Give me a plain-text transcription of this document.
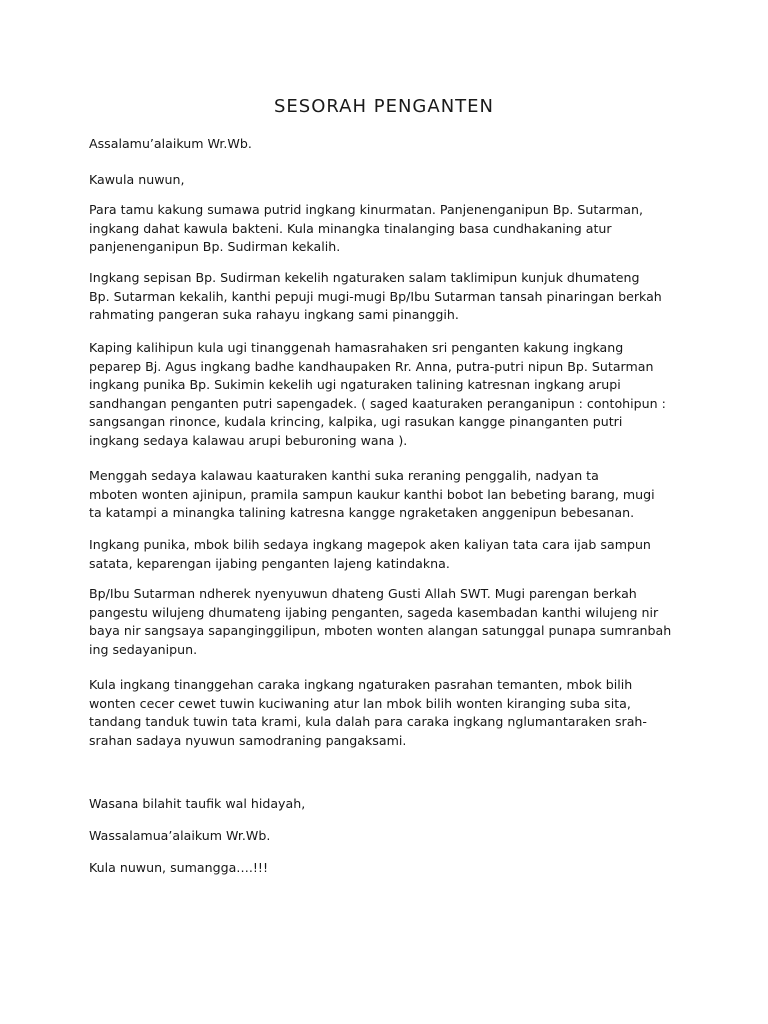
SESORAH PENGANTEN
Assalamu’alaikum Wr.Wb.
Kawula nuwun,
Para tamu kakung sumawa putrid ingkang kinurmatan. Panjenenganipun Bp. Sutarman,
ingkang dahat kawula bakteni. Kula minangka tinalanging basa cundhakaning atur
panjenenganipun Bp. Sudirman kekalih.
Ingkang sepisan Bp. Sudirman kekelih ngaturaken salam taklimipun kunjuk dhumateng
Bp. Sutarman kekalih, kanthi pepuji mugi-mugi Bp/Ibu Sutarman tansah pinaringan berkah
rahmating pangeran suka rahayu ingkang sami pinanggih.
Kaping kalihipun kula ugi tinanggenah hamasrahaken sri penganten kakung ingkang
peparep Bj. Agus ingkang badhe kandhaupaken Rr. Anna, putra-putri nipun Bp. Sutarman
ingkang punika Bp. Sukimin kekelih ugi ngaturaken talining katresnan ingkang arupi
sandhangan penganten putri sapengadek. ( saged kaaturaken peranganipun : contohipun :
sangsangan rinonce, kudala krincing, kalpika, ugi rasukan kangge pinanganten putri
ingkang sedaya kalawau arupi beburoning wana ).
Menggah sedaya kalawau kaaturaken kanthi suka reraning penggalih, nadyan ta
mboten wonten ajinipun, pramila sampun kaukur kanthi bobot lan bebeting barang, mugi
ta katampi a minangka talining katresna kangge ngraketaken anggenipun bebesanan.
Ingkang punika, mbok bilih sedaya ingkang magepok aken kaliyan tata cara ijab sampun
satata, keparengan ijabing penganten lajeng katindakna.
Bp/Ibu Sutarman ndherek nyenyuwun dhateng Gusti Allah SWT. Mugi parengan berkah
pangestu wilujeng dhumateng ijabing penganten, sageda kasembadan kanthi wilujeng nir
baya nir sangsaya sapanginggilipun, mboten wonten alangan satunggal punapa sumranbah
ing sedayanipun.
Kula ingkang tinanggehan caraka ingkang ngaturaken pasrahan temanten, mbok bilih
wonten cecer cewet tuwin kuciwaning atur lan mbok bilih wonten kiranging suba sita,
tandang tanduk tuwin tata krami, kula dalah para caraka ingkang nglumantaraken srah-
srahan sadaya nyuwun samodraning pangaksami.
Wasana bilahit taufik wal hidayah,
Wassalamua’alaikum Wr.Wb.
Kula nuwun, sumangga….!!!
